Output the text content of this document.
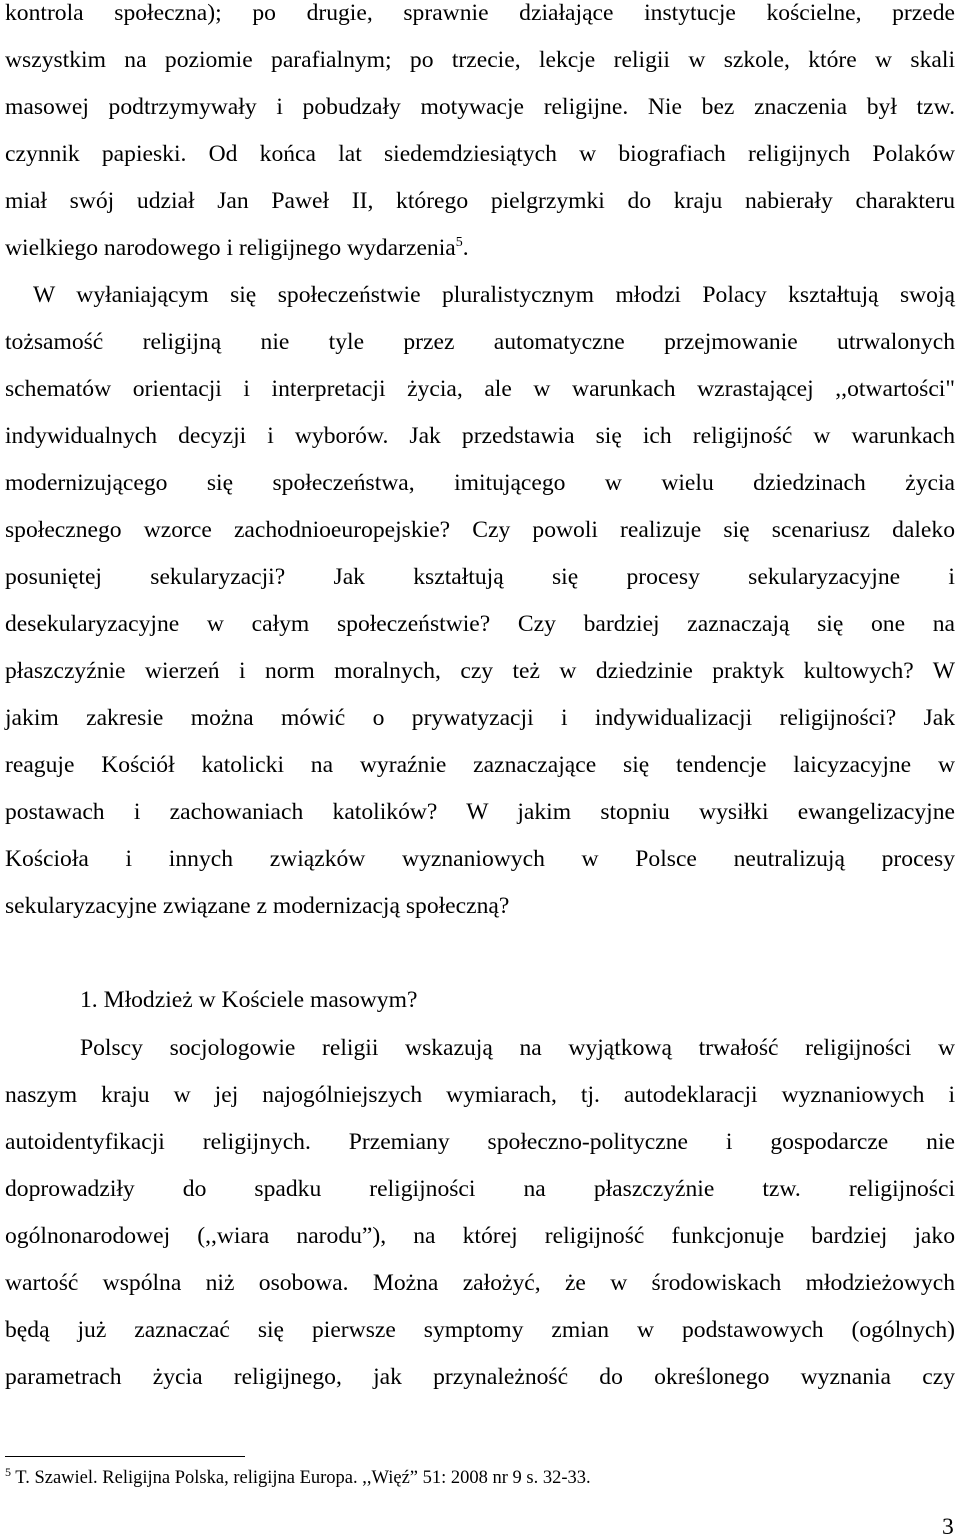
kontrola społeczna); po drugie, sprawnie działające instytucje kościelne, przede
wszystkim na poziomie parafialnym; po trzecie, lekcje religii w szkole, które w skali
masowej podtrzymywały i pobudzały motywacje religijne. Nie bez znaczenia był tzw.
czynnik papieski. Od końca lat siedemdziesiątych w biografiach religijnych Polaków
miał swój udział Jan Paweł II, którego pielgrzymki do kraju nabierały charakteru
wielkiego narodowego i religijnego wydarzenia$^5$.
W wyłaniającym się społeczeństwie pluralistycznym młodzi Polacy kształtują swoją
tożsamość religijną nie tyle przez automatyczne przejmowanie utrwalonych
schematów orientacji i interpretacji życia, ale w warunkach wzrastającej ,,otwartości"
indywidualnych decyzji i wyborów. Jak przedstawia się ich religijność w warunkach
modernizującego się społeczeństwa, imitującego w wielu dziedzinach życia
społecznego wzorce zachodnioeuropejskie? Czy powoli realizuje się scenariusz daleko
posuniętej sekularyzacji? Jak kształtują się procesy sekularyzacyjne i
desekularyzacyjne w całym społeczeństwie? Czy bardziej zaznaczają się one na
płaszczyźnie wierzeń i norm moralnych, czy też w dziedzinie praktyk kultowych? W
jakim zakresie można mówić o prywatyzacji i indywidualizacji religijności? Jak
reaguje Kościół katolicki na wyraźnie zaznaczające się tendencje laicyzacyjne w
postawach i zachowaniach katolików? W jakim stopniu wysiłki ewangelizacyjne
Kościoła i innych związków wyznaniowych w Polsce neutralizują procesy
sekularyzacyjne związane z modernizacją społeczną?
1. Młodzież w Kościele masowym?
Polscy socjologowie religii wskazują na wyjątkową trwałość religijności w
naszym kraju w jej najogólniejszych wymiarach, tj. autodeklaracji wyznaniowych i
autoidentyfikacji religijnych. Przemiany społeczno-polityczne i gospodarcze nie
doprowadziły do spadku religijności na płaszczyźnie tzw. religijności
ogólnonarodowej (,,wiara narodu”), na której religijność funkcjonuje bardziej jako
wartość wspólna niż osobowa. Można założyć, że w środowiskach młodzieżowych
będą już zaznaczać się pierwsze symptomy zmian w podstawowych (ogólnych)
parametrach życia religijnego, jak przynależność do określonego wyznania czy
$^5$ T. Szawiel. Religijna Polska, religijna Europa. ,,Więź” 51: 2008 nr 9 s. 32-33.
3
